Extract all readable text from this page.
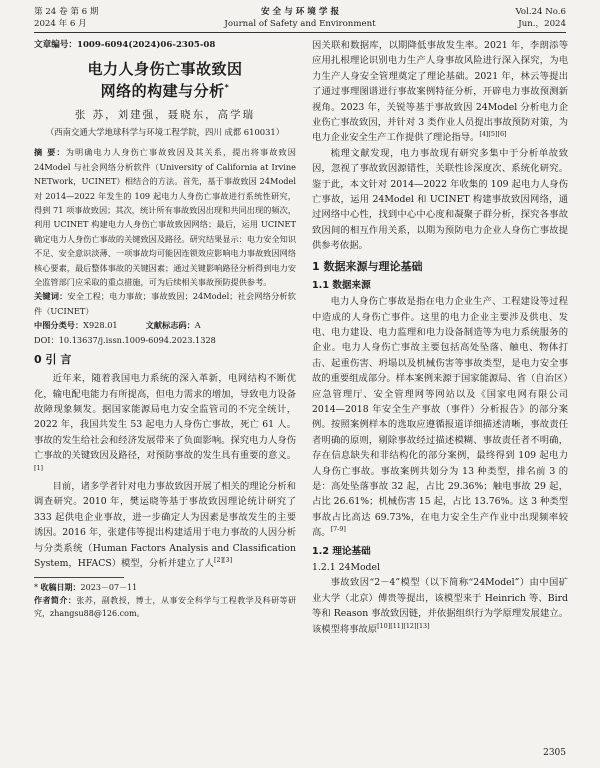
第 24 卷 第 6 期
2024 年 6 月
安 全 与 环 境 学 报
Journal of Safety and Environment
Vol.24 No.6
Jun.，2024

文章编号：1009-6094(2024)06-2305-08

电力人身伤亡事故致因
网络的构建与分析*
张 苏，刘建强，聂晓东，高学瑞
（西南交通大学地球科学与环境工程学院，四川 成都 610031）

摘 要：为明确电力人身伤亡事故致因及其关系，提出将事故致因 24Model 与社会网络分析软件（University of California at Irvine NETwork，UCINET）相结合的方法。首先，基于事故致因 24Model 对 2014—2022 年发生的 109 起电力人身伤亡事故进行系统性研究，得到 71 项事故致因；其次，统计所有事故致因出现和共同出现的频次，利用 UCINET 构建电力人身伤亡事故致因网络；最后，运用 UCINET 确定电力人身伤亡事故的关键致因及路径。研究结果显示：电力安全知识不足、安全意识淡薄、一项事故均可能因连锁效应影响电力事故致因网络核心要素，最后整体事故的关键因素；通过关键影响路径分析得到电力安全监管部门应采取的重点措施，可为后续相关事故预防提供参考。

关键词：安全工程；电力事故；事故致因；24Model；社会网络分析软件（UCINET）

中图分类号：X928.01	文献标志码：A

DOI：10.13637/j.issn.1009-6094.2023.1328

0 引 言

近年来，随着我国电力系统的深入革新，电网结构不断优化，输电配电能力有所提高，但电力需求的增加，导致电力设备故障现象频发。据国家能源局电力安全监管司的不完全统计，2022 年，我国共发生 53 起电力人身伤亡事故，死亡 61 人。事故的发生给社会和经济发展带来了负面影响。探究电力人身伤亡事故的关键致因及路径，对预防事故的发生具有重要的意义。[1]

目前，诸多学者针对电力事故致因开展了相关的理论分析和调查研究。2010 年，樊运晓等基于事故致因理论统计研究了 333 起供电企业事故，进一步确定人为因素是事故发生的主要诱因。2016 年，张建伟等提出构建适用于电力事故的人因分析与分类系统（Human Factors Analysis and Classification System，HFACS）模型，分析并建立了人[2][3]

* 收稿日期：2023－07－11

作者简介：张苏，副教授，博士，从事安全科学与工程教学及科研等研究，zhangsu88@126.com。

因关联和数据库，以期降低事故发生率。2021 年，李朗添等应用扎根理论识别电力生产人身事故风险进行深入探究，为电力生产人身安全管理奠定了理论基础。2021 年，林云等提出了通过事理图谱进行事故案例特征分析，开辟电力事故预测新视角。2023 年，关锐等基于事故致因 24Model 分析电力企业伤亡事故致因，并针对 3 类作业人员提出事故预防对策，为电力企业安全生产工作提供了理论指导。[4][5][6]

梳理文献发现，电力事故现有研究多集中于分析单故致因，忽视了事故致因源错性，关联性诊深度次、系统化研究。鉴于此，本文针对 2014—2022 年收集的 109 起电力人身伤亡事故，运用 24Model 和 UCINET 构建事故致因网络，通过网络中心性，找到中心中心度和凝聚子群分析，探究各事故致因间的相互作用关系，以期为预防电力企业人身伤亡事故提供参考依据。

1 数据来源与理论基础
1.1 数据来源

电力人身伤亡事故是指在电力企业生产、工程建设等过程中造成的人身伤亡事件。这里的电力企业主要涉及供电、发电、电力建设、电力监理和电力设备制造等为电力系统服务的企业。电力人身伤亡事故主要包括高处坠落、触电、物体打击、起重伤害、坍塌以及机械伤害等事故类型，是电力安全事故的重要组成部分。样本案例来源于国家能源局、省（自治区）应急管理厅、安全管理网等网站以及《国家电网有限公司 2014—2018 年安全生产事故（事件）分析报告》的部分案例。按照案例样本的选取应遵循报道详细描述清晰，事故责任者明确的原则，剔除事故经过描述模糊、事故责任者不明确，存在信息缺失和非结构化的部分案例，最终得到 109 起电力人身伤亡事故。事故案例共划分为 13 种类型，排名前 3 的是：高处坠落事故 32 起，占比 29.36%；触电事故 29 起，占比 26.61%；机械伤害 15 起，占比 13.76%。这 3 种类型事故占比高达 69.73%，在电力安全生产作业中出现频率较高。[7-9]

1.2 理论基础
1.2.1 24Model

事故致因“2－4”模型（以下简称“24Model”）由中国矿业大学（北京）傅贵等提出，该模型来于 Heinrich 等、Bird 等和 Reason 事故致因链，并依据组织行为学原理发展建立。该模型将事故原[10][11][12][13]

2305
